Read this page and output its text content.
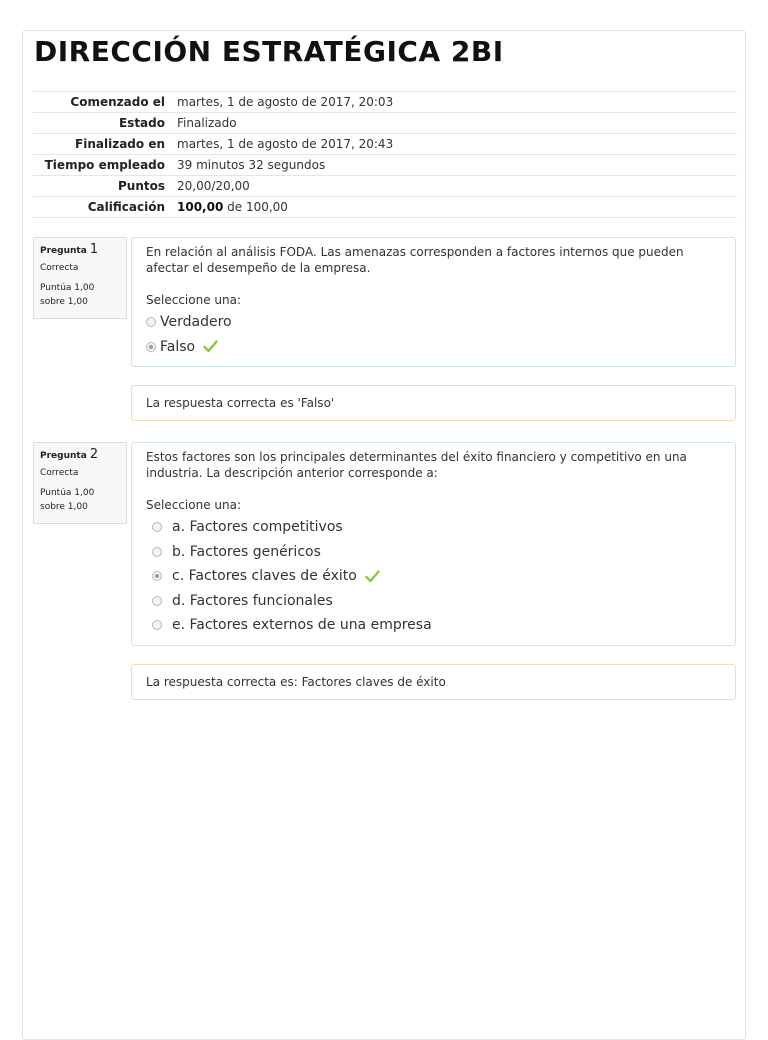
DIRECCIÓN ESTRATÉGICA 2BI
Comenzado el	martes, 1 de agosto de 2017, 20:03
Estado	Finalizado
Finalizado en	martes, 1 de agosto de 2017, 20:43
Tiempo empleado	39 minutos 32 segundos
Puntos	20,00/20,00
Calificación	100,00 de 100,00
Pregunta 1
Correcta
Puntúa 1,00
sobre 1,00

En relación al análisis FODA. Las amenazas corresponden a factores internos que pueden afectar el desempeño de la empresa.

Seleccione una:
Verdadero
Falso
La respuesta correcta es 'Falso'
Pregunta 2
Correcta
Puntúa 1,00
sobre 1,00

Estos factores son los principales determinantes del éxito financiero y competitivo en una industria. La descripción anterior corresponde a:

Seleccione una:
a. Factores competitivos
b. Factores genéricos
c. Factores claves de éxito
d. Factores funcionales
e. Factores externos de una empresa
La respuesta correcta es: Factores claves de éxito
